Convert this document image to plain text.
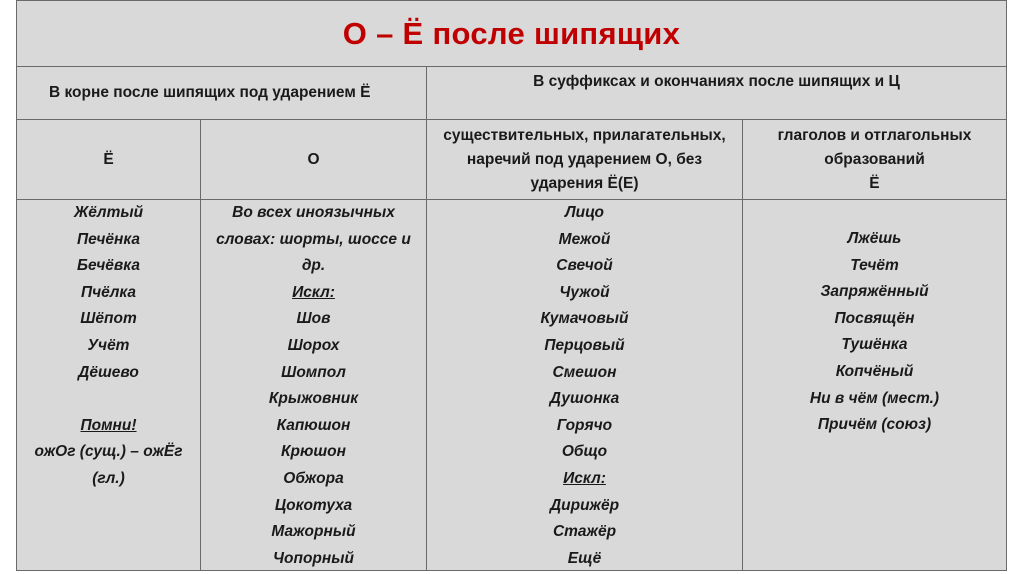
О – Ё после шипящих
В корне после шипящих под ударением Ё
В суффиксах и окончаниях после шипящих и Ц
Ё	О
существительных, прилагательных,
наречий под ударением О, без
ударения Ё(Е)
глаголов и отглагольных
образований
Ё
Жёлтый
Печёнка
Бечёвка
Пчёлка
Шёпот
Учёт
Дёшево
Помни!
ожОг (сущ.) – ожЁг
(гл.)
Во всех иноязычных
словах: шорты, шоссе и
др.
Искл:
Шов
Шорох
Шомпол
Крыжовник
Капюшон
Крюшон
Обжора
Цокотуха
Мажорный
Чопорный
Лицо
Межой
Свечой
Чужой
Кумачовый
Перцовый
Смешон
Душонка
Горячо
Общо
Искл:
Дирижёр
Стажёр
Ещё
Лжёшь
Течёт
Запряжённый
Посвящён
Тушёнка
Копчёный
Ни в чём (мест.)
Причём (союз)
